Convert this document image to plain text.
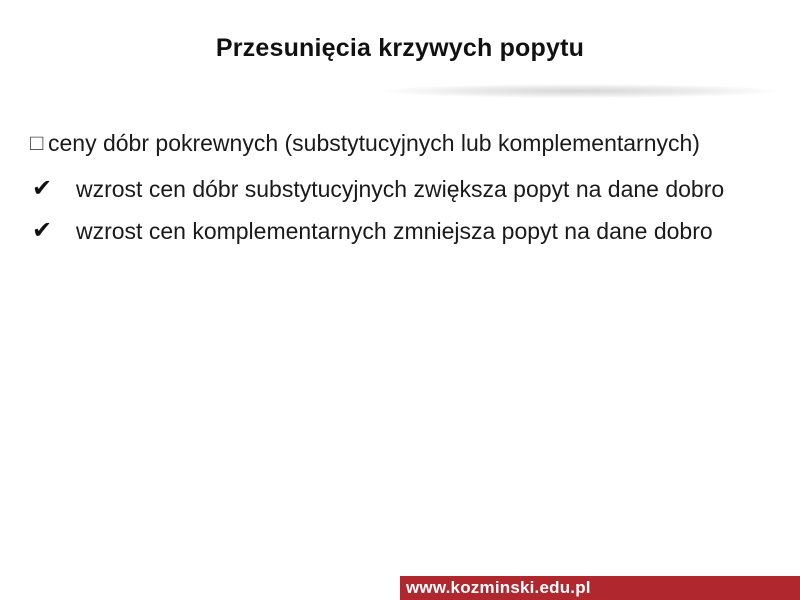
Przesunięcia krzywych popytu
□ ceny dóbr pokrewnych (substytucyjnych lub komplementarnych)
✔	wzrost cen dóbr substytucyjnych zwiększa popyt na dane dobro
✔	wzrost cen komplementarnych zmniejsza popyt na dane dobro
www.kozminski.edu.pl
